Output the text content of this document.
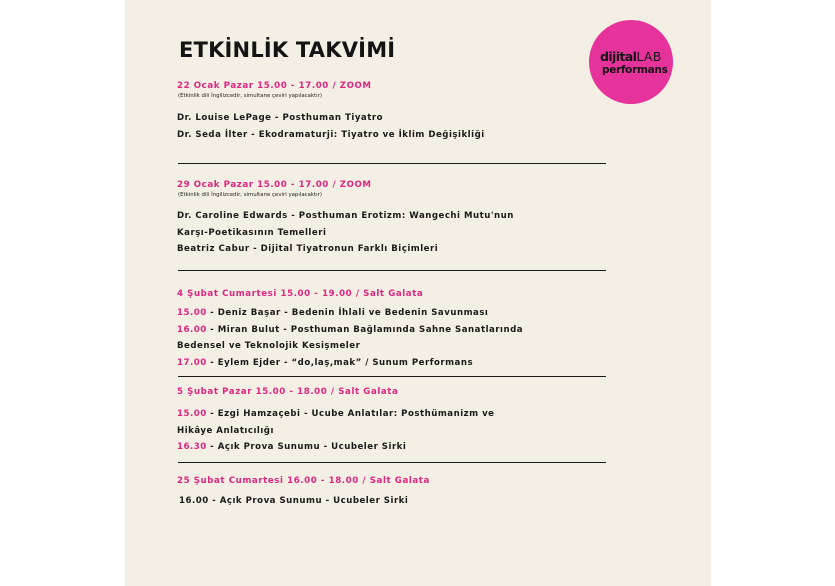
ETKİNLİK TAKVİMİ	dijitalLAB
performans
22 Ocak Pazar 15.00 - 17.00 / ZOOM
(Etkinlik dili İngilizcedir, simultane çeviri yapılacaktır)
Dr. Louise LePage - Posthuman Tiyatro
Dr. Seda İlter - Ekodramaturji: Tiyatro ve İklim Değişikliği
29 Ocak Pazar 15.00 - 17.00 / ZOOM
(Etkinlik dili İngilizcedir, simultane çeviri yapılacaktır)
Dr. Caroline Edwards - Posthuman Erotizm: Wangechi Mutu'nun
Karşı-Poetikasının Temelleri
Beatriz Cabur - Dijital Tiyatronun Farklı Biçimleri
4 Şubat Cumartesi 15.00 - 19.00 / Salt Galata
15.00 - Deniz Başar - Bedenin İhlali ve Bedenin Savunması
16.00 - Miran Bulut - Posthuman Bağlamında Sahne Sanatlarında
Bedensel ve Teknolojik Kesişmeler
17.00 - Eylem Ejder - “do,laş,mak” / Sunum Performans
5 Şubat Pazar 15.00 - 18.00 / Salt Galata
15.00 - Ezgi Hamzaçebi - Ucube Anlatılar: Posthümanizm ve
Hikâye Anlatıcılığı
16.30 - Açık Prova Sunumu - Ucubeler Sirki
25 Şubat Cumartesi 16.00 - 18.00 / Salt Galata
16.00 - Açık Prova Sunumu - Ucubeler Sirki
